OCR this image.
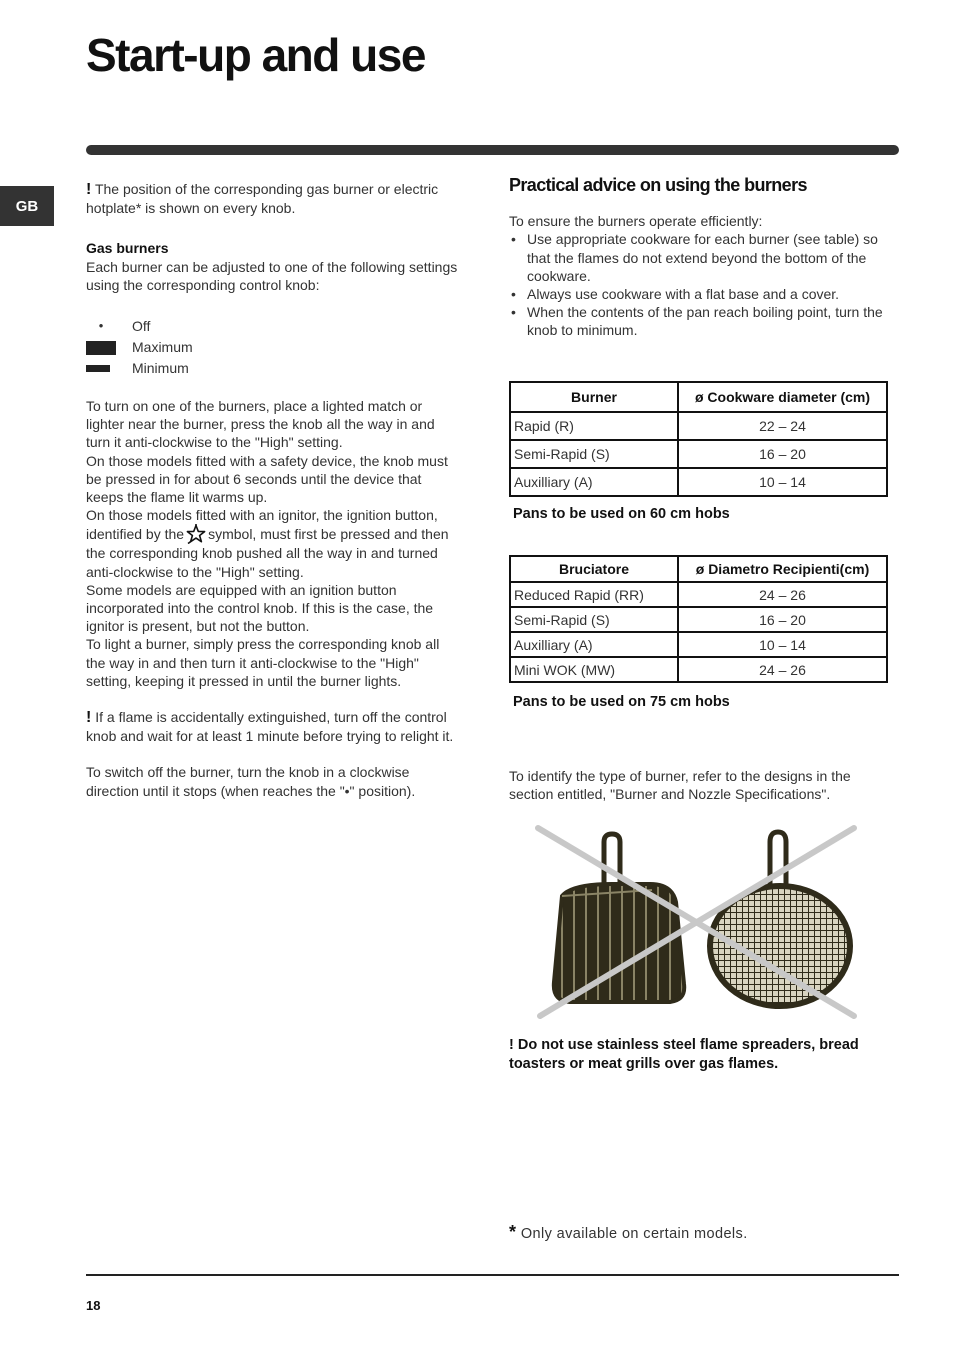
Start-up and use
GB

! The position of the corresponding gas burner or electric hotplate* is shown on every knob.

Gas burners

Each burner can be adjusted to one of the following settings using the corresponding control knob:

•	Off
Maximum
Minimum

To turn on one of the burners, place a lighted match or lighter near the burner, press the knob all the way in and turn it anti-clockwise to the "High" setting.

On those models fitted with a safety device, the knob must be pressed in for about 6 seconds until the device that keeps the flame lit warms up.

On those models fitted with an ignitor, the ignition button, identified by the symbol, must first be pressed and then the corresponding knob pushed all the way in and turned anti-clockwise to the "High" setting.

Some models are equipped with an ignition button incorporated into the control knob. If this is the case, the ignitor is present, but not the button.

To light a burner, simply press the corresponding knob all the way in and then turn it anti-clockwise to the "High" setting, keeping it pressed in until the burner lights.

! If a flame is accidentally extinguished, turn off the control knob and wait for at least 1 minute before trying to relight it.

To switch off the burner, turn the knob in a clockwise direction until it stops (when reaches the "•" position).

Practical advice on using the burners

To ensure the burners operate efficiently:

• Use appropriate cookware for each burner (see table) so that the flames do not extend beyond the bottom of the cookware.
• Always use cookware with a flat base and a cover.
• When the contents of the pan reach boiling point, turn the knob to minimum.
Burner	ø Cookware diameter (cm)
Rapid (R)	22 – 24
Semi-Rapid (S)	16 – 20
Auxilliary (A)	10 – 14
Pans to be used on 60 cm hobs
Bruciatore	ø Diametro Recipienti(cm)
Reduced Rapid (RR)	24 – 26
Semi-Rapid (S)	16 – 20
Auxilliary (A)	10 – 14
Mini WOK (MW)	24 – 26
Pans to be used on 75 cm hobs

To identify the type of burner, refer to the designs in the section entitled, "Burner and Nozzle Specifications".

! Do not use stainless steel flame spreaders, bread toasters or meat grills over gas flames.

* Only available on certain models.

18
